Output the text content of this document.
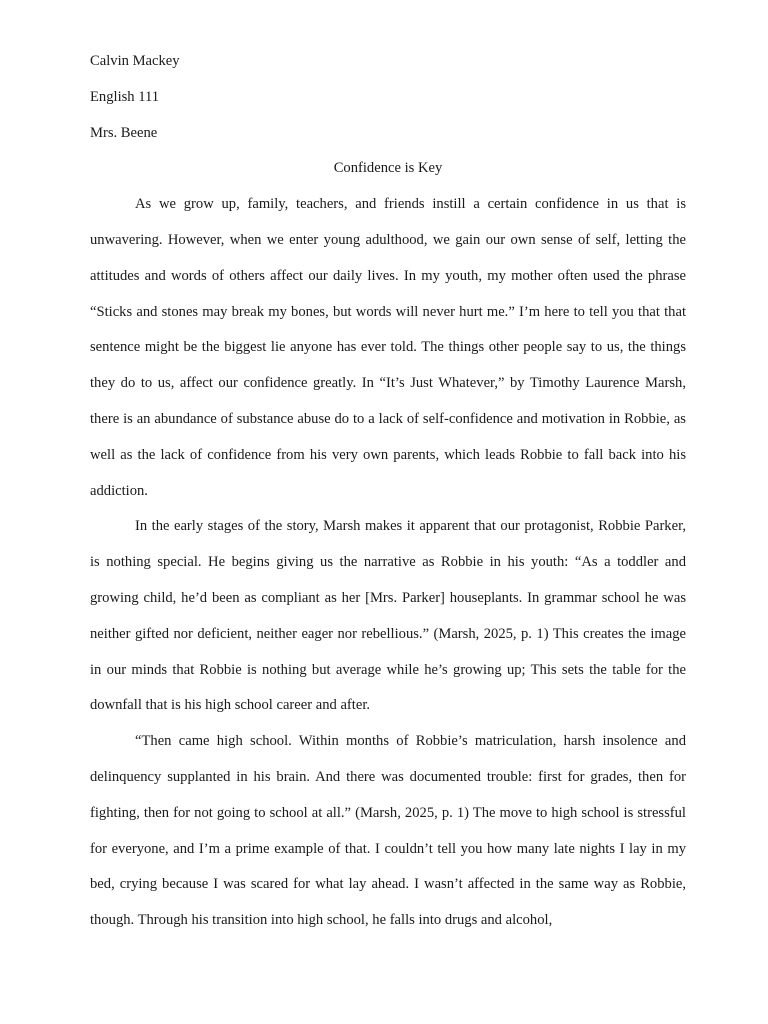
Calvin Mackey

English 111

Mrs. Beene

Confidence is Key

As we grow up, family, teachers, and friends instill a certain confidence in us that is unwavering. However, when we enter young adulthood, we gain our own sense of self, letting the attitudes and words of others affect our daily lives. In my youth, my mother often used the phrase “Sticks and stones may break my bones, but words will never hurt me.” I’m here to tell you that that sentence might be the biggest lie anyone has ever told. The things other people say to us, the things they do to us, affect our confidence greatly. In “It’s Just Whatever,” by Timothy Laurence Marsh, there is an abundance of substance abuse do to a lack of self-confidence and motivation in Robbie, as well as the lack of confidence from his very own parents, which leads Robbie to fall back into his addiction.

In the early stages of the story, Marsh makes it apparent that our protagonist, Robbie Parker, is nothing special. He begins giving us the narrative as Robbie in his youth: “As a toddler and growing child, he’d been as compliant as her [Mrs. Parker] houseplants. In grammar school he was neither gifted nor deficient, neither eager nor rebellious.” (Marsh, 2025, p. 1) This creates the image in our minds that Robbie is nothing but average while he’s growing up; This sets the table for the downfall that is his high school career and after.

“Then came high school. Within months of Robbie’s matriculation, harsh insolence and delinquency supplanted in his brain. And there was documented trouble: first for grades, then for fighting, then for not going to school at all.” (Marsh, 2025, p. 1) The move to high school is stressful for everyone, and I’m a prime example of that. I couldn’t tell you how many late nights I lay in my bed, crying because I was scared for what lay ahead. I wasn’t affected in the same way as Robbie, though. Through his transition into high school, he falls into drugs and alcohol,
